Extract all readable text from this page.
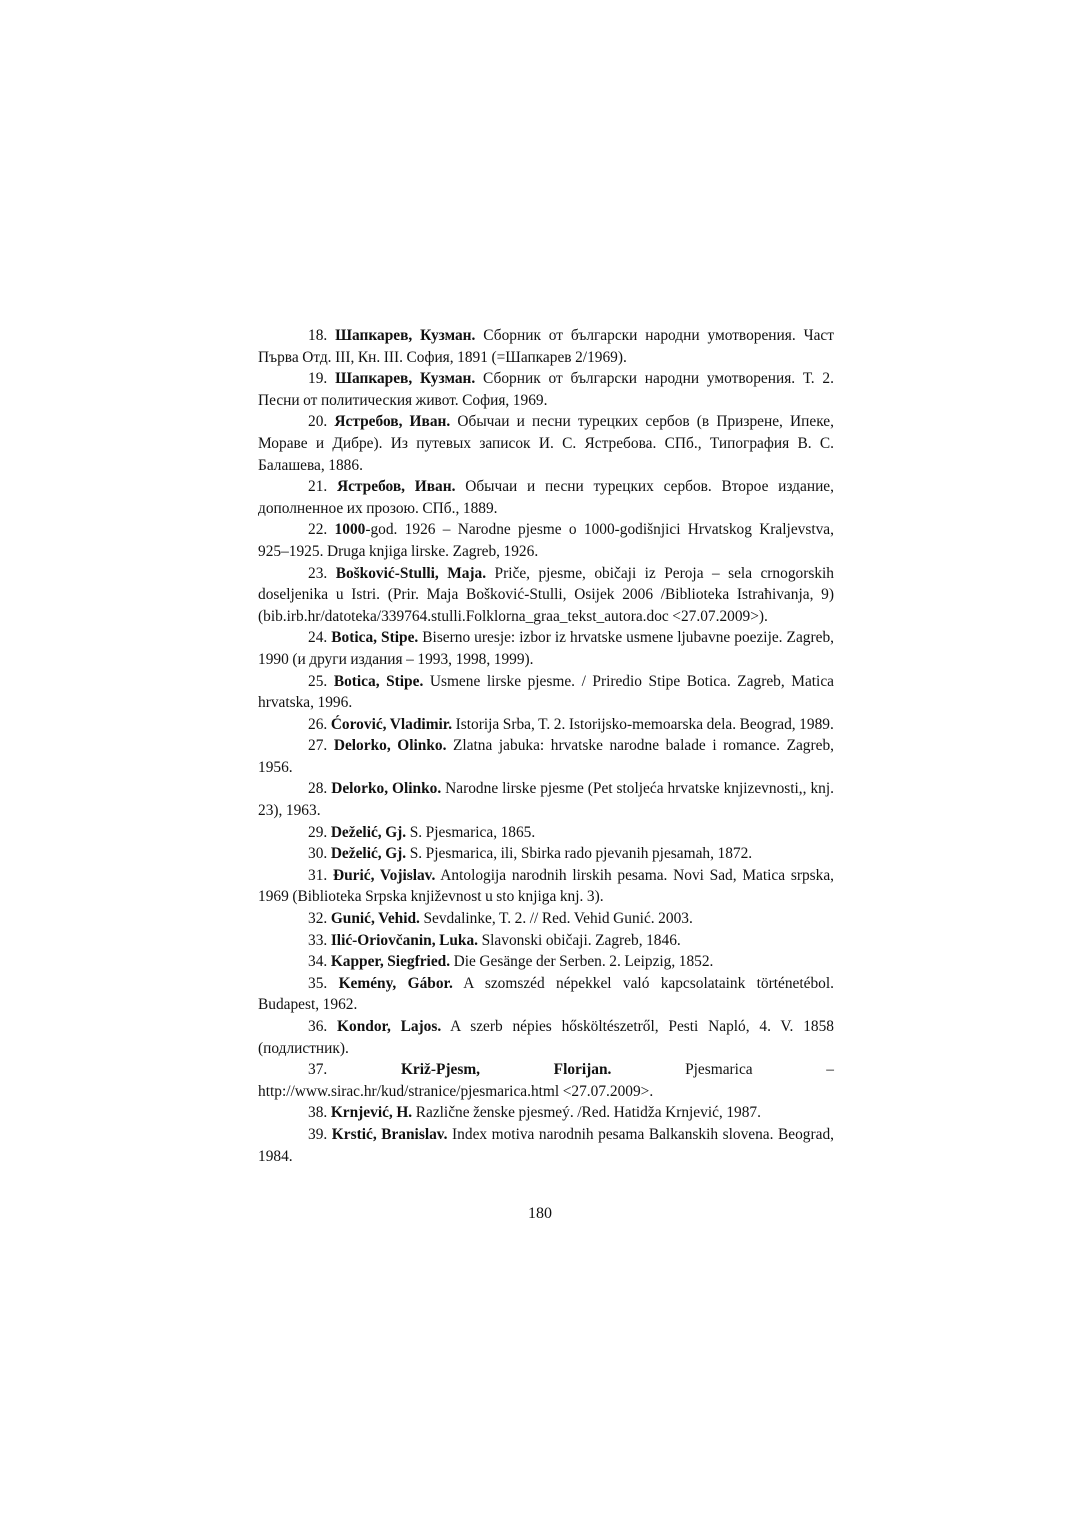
18. Шапкарев, Кузман. Сборник от български народни умотворения. Част Първа Отд. III, Кн. III. София, 1891 (=Шапкарев 2/1969).

19. Шапкарев, Кузман. Сборник от български народни умотворения. Т. 2. Песни от политическия живот. София, 1969.

20. Ястребов, Иван. Обычаи и песни турецких сербов (в Призрене, Ипеке, Мораве и Дибре). Из путевых записок И. С. Ястребова. СПб., Типография В. С. Балашева, 1886.

21. Ястребов, Иван. Обычаи и песни турецких сербов. Второе издание, дополненное их прозою. СПб., 1889.

22. 1000-god. 1926 – Narodne pjesme o 1000-godišnjici Hrvatskog Kraljevstva, 925–1925. Druga knjiga lirske. Zagreb, 1926.

23. Bošković-Stulli, Maja. Priče, pjesme, običaji iz Peroja – sela crnogorskih doseljenika u Istri. (Prir. Maja Bošković-Stulli, Osijek 2006 /Biblioteka Istraћivanja, 9) (bib.irb.hr/datoteka/339764.stulli.Folklorna_graa_tekst_autora.doc <27.07.2009>).

24. Botica, Stipe. Biserno uresje: izbor iz hrvatske usmene ljubavne poezije. Zagreb, 1990 (и други издания – 1993, 1998, 1999).

25. Botica, Stipe. Usmene lirske pjesme. / Priredio Stipe Botica. Zagreb, Matica hrvatska, 1996.

26. Ćorović, Vladimir. Istorija Srba, T. 2. Istorijsko-memoarska dela. Beograd, 1989.

27. Delorko, Olinko. Zlatna jabuka: hrvatske narodne balade i romance. Zagreb, 1956.

28. Delorko, Olinko. Narodne lirske pjesme (Pet stoljeća hrvatske knjizevnosti,, knj. 23), 1963.

29. Deželić, Gj. S. Pjesmarica, 1865.

30. Deželić, Gj. S. Pjesmarica, ili, Sbirka rado pjevanih pjesamah, 1872.

31. Đurić, Vojislav. Antologija narodnih lirskih pesama. Novi Sad, Matica srpska, 1969 (Biblioteka Srpska književnost u sto knjiga knj. 3).

32. Gunić, Vehid. Sevdalinke, T. 2. // Red. Vehid Gunić. 2003.

33. Ilić-Oriovčanin, Luka. Slavonski običaji. Zagreb, 1846.

34. Kapper, Siegfried. Die Gesänge der Serben. 2. Leipzig, 1852.

35. Kemény, Gábor. A szomszéd népekkel való kapcsolataink történetébol. Budapest, 1962.

36. Kondor, Lajos. A szerb népies hősköltészetről, Pesti Napló, 4. V. 1858 (подлистник).

37.	Križ-Pjesm, Florijan.	Pjesmarica – http://www.sirac.hr/kud/stranice/pjesmarica.html <27.07.2009>.

38. Krnjević, H. Različne ženske pjesmeý. /Red. Hatidža Krnjević, 1987.

39. Krstić, Branislav. Index motiva narodnih pesama Balkanskih slovena. Beograd, 1984.

180
